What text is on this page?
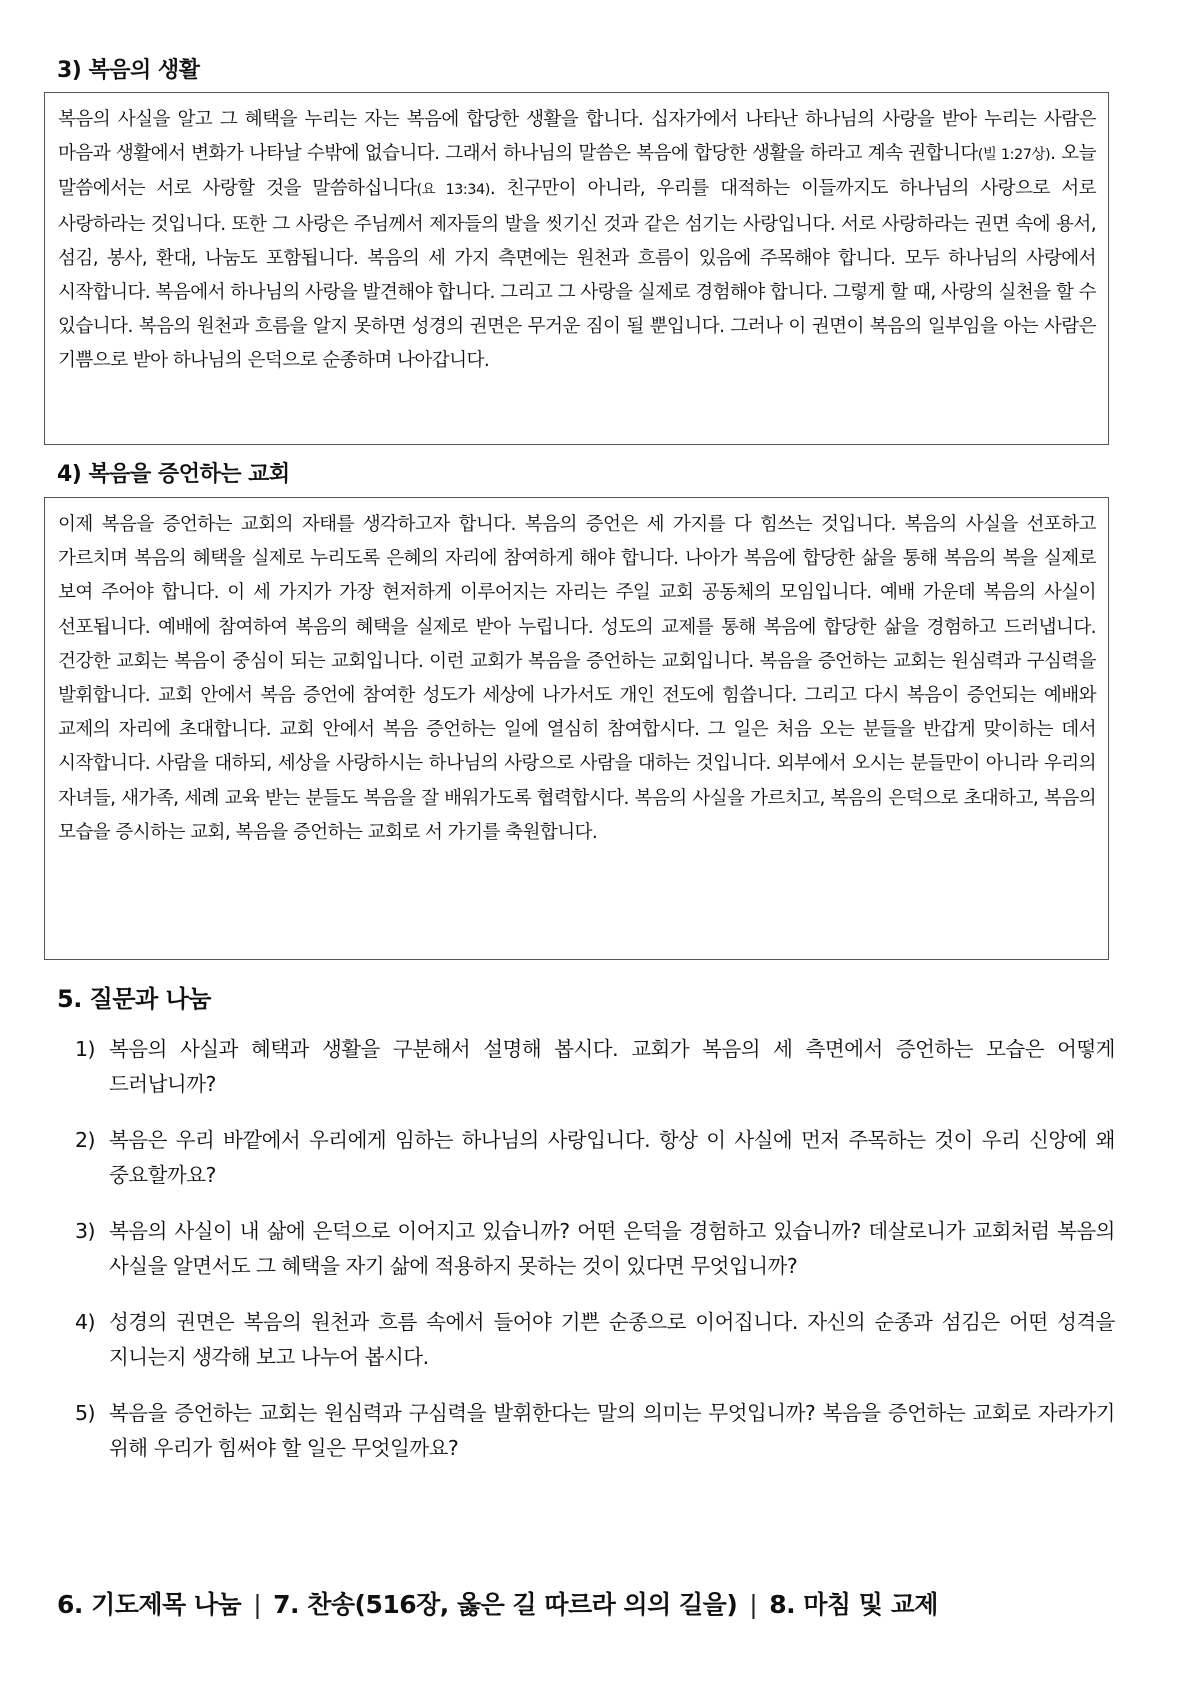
3) 복음의 생활

복음의 사실을 알고 그 혜택을 누리는 자는 복음에 합당한 생활을 합니다. 십자가에서 나타난 하나님의 사랑을 받아 누리는 사람은 마음과 생활에서 변화가 나타날 수밖에 없습니다. 그래서 하나님의 말씀은 복음에 합당한 생활을 하라고 계속 권합니다(빌 1:27상). 오늘 말씀에서는 서로 사랑할 것을 말씀하십니다(요 13:34). 친구만이 아니라, 우리를 대적하는 이들까지도 하나님의 사랑으로 서로 사랑하라는 것입니다. 또한 그 사랑은 주님께서 제자들의 발을 씻기신 것과 같은 섬기는 사랑입니다. 서로 사랑하라는 권면 속에 용서, 섬김, 봉사, 환대, 나눔도 포함됩니다. 복음의 세 가지 측면에는 원천과 흐름이 있음에 주목해야 합니다. 모두 하나님의 사랑에서 시작합니다. 복음에서 하나님의 사랑을 발견해야 합니다. 그리고 그 사랑을 실제로 경험해야 합니다. 그렇게 할 때, 사랑의 실천을 할 수 있습니다. 복음의 원천과 흐름을 알지 못하면 성경의 권면은 무거운 짐이 될 뿐입니다. 그러나 이 권면이 복음의 일부임을 아는 사람은 기쁨으로 받아 하나님의 은덕으로 순종하며 나아갑니다.

4) 복음을 증언하는 교회

이제 복음을 증언하는 교회의 자태를 생각하고자 합니다. 복음의 증언은 세 가지를 다 힘쓰는 것입니다. 복음의 사실을 선포하고 가르치며 복음의 혜택을 실제로 누리도록 은혜의 자리에 참여하게 해야 합니다. 나아가 복음에 합당한 삶을 통해 복음의 복을 실제로 보여 주어야 합니다. 이 세 가지가 가장 현저하게 이루어지는 자리는 주일 교회 공동체의 모임입니다. 예배 가운데 복음의 사실이 선포됩니다. 예배에 참여하여 복음의 혜택을 실제로 받아 누립니다. 성도의 교제를 통해 복음에 합당한 삶을 경험하고 드러냅니다. 건강한 교회는 복음이 중심이 되는 교회입니다. 이런 교회가 복음을 증언하는 교회입니다. 복음을 증언하는 교회는 원심력과 구심력을 발휘합니다. 교회 안에서 복음 증언에 참여한 성도가 세상에 나가서도 개인 전도에 힘씁니다. 그리고 다시 복음이 증언되는 예배와 교제의 자리에 초대합니다. 교회 안에서 복음 증언하는 일에 열심히 참여합시다. 그 일은 처음 오는 분들을 반갑게 맞이하는 데서 시작합니다. 사람을 대하되, 세상을 사랑하시는 하나님의 사랑으로 사람을 대하는 것입니다. 외부에서 오시는 분들만이 아니라 우리의 자녀들, 새가족, 세례 교육 받는 분들도 복음을 잘 배워가도록 협력합시다. 복음의 사실을 가르치고, 복음의 은덕으로 초대하고, 복음의 모습을 증시하는 교회, 복음을 증언하는 교회로 서 가기를 축원합니다.

5. 질문과 나눔
1) 복음의 사실과 혜택과 생활을 구분해서 설명해 봅시다. 교회가 복음의 세 측면에서 증언하는 모습은 어떻게 드러납니까?
2) 복음은 우리 바깥에서 우리에게 임하는 하나님의 사랑입니다. 항상 이 사실에 먼저 주목하는 것이 우리 신앙에 왜 중요할까요?
3) 복음의 사실이 내 삶에 은덕으로 이어지고 있습니까? 어떤 은덕을 경험하고 있습니까? 데살로니가 교회처럼 복음의 사실을 알면서도 그 혜택을 자기 삶에 적용하지 못하는 것이 있다면 무엇입니까?
4) 성경의 권면은 복음의 원천과 흐름 속에서 들어야 기쁜 순종으로 이어집니다. 자신의 순종과 섬김은 어떤 성격을 지니는지 생각해 보고 나누어 봅시다.
5) 복음을 증언하는 교회는 원심력과 구심력을 발휘한다는 말의 의미는 무엇입니까? 복음을 증언하는 교회로 자라가기 위해 우리가 힘써야 할 일은 무엇일까요?
6. 기도제목 나눔 | 7. 찬송(516장, 옳은 길 따르라 의의 길을) | 8. 마침 및 교제
